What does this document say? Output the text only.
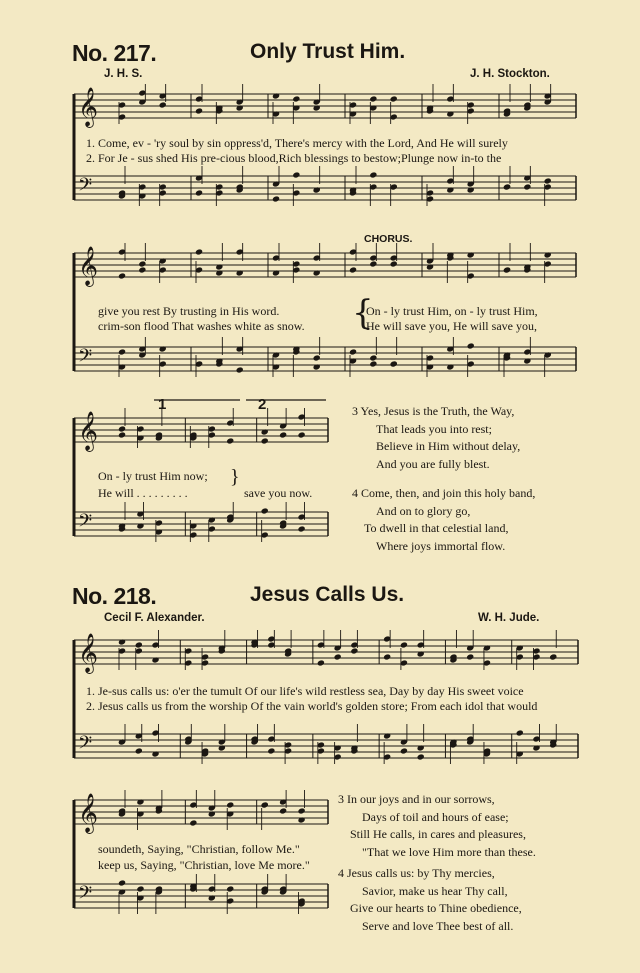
No. 217.	Only Trust Him.
J. H. S.	J. H. Stockton.
𝄞
𝄢
1. Come, ev - 'ry soul by sin oppress'd, There's mercy with the Lord, And He will surely
2. For Je - sus shed His pre-cious blood,Rich blessings to bestow;Plunge now in-to the
CHORUS.
𝄞
𝄢
give you rest By trusting in His word.
crim-son flood That washes white as snow. {
On - ly trust Him, on - ly trust Him,
He will save you, He will save you,
1	2
𝄞
𝄢
On - ly trust Him now;
He will . . . . . . . . .
}
save you now.
3 Yes, Jesus is the Truth, the Way,
That leads you into rest;
Believe in Him without delay,
And you are fully blest.
4 Come, then, and join this holy band,
And on to glory go,
To dwell in that celestial land,
Where joys immortal flow.
No. 218.	Jesus Calls Us.
Cecil F. Alexander.	W. H. Jude.
𝄞
𝄢
1. Je-sus calls us: o'er the tumult Of our life's wild restless sea, Day by day His sweet voice
2. Jesus calls us from the worship Of the vain world's golden store; From each idol that would
𝄞
𝄢
soundeth, Saying, "Christian, follow Me."
keep us, Saying, "Christian, love Me more."
3 In our joys and in our sorrows,
Days of toil and hours of ease;
Still He calls, in cares and pleasures,
"That we love Him more than these.
4 Jesus calls us: by Thy mercies,
Savior, make us hear Thy call,
Give our hearts to Thine obedience,
Serve and love Thee best of all.
